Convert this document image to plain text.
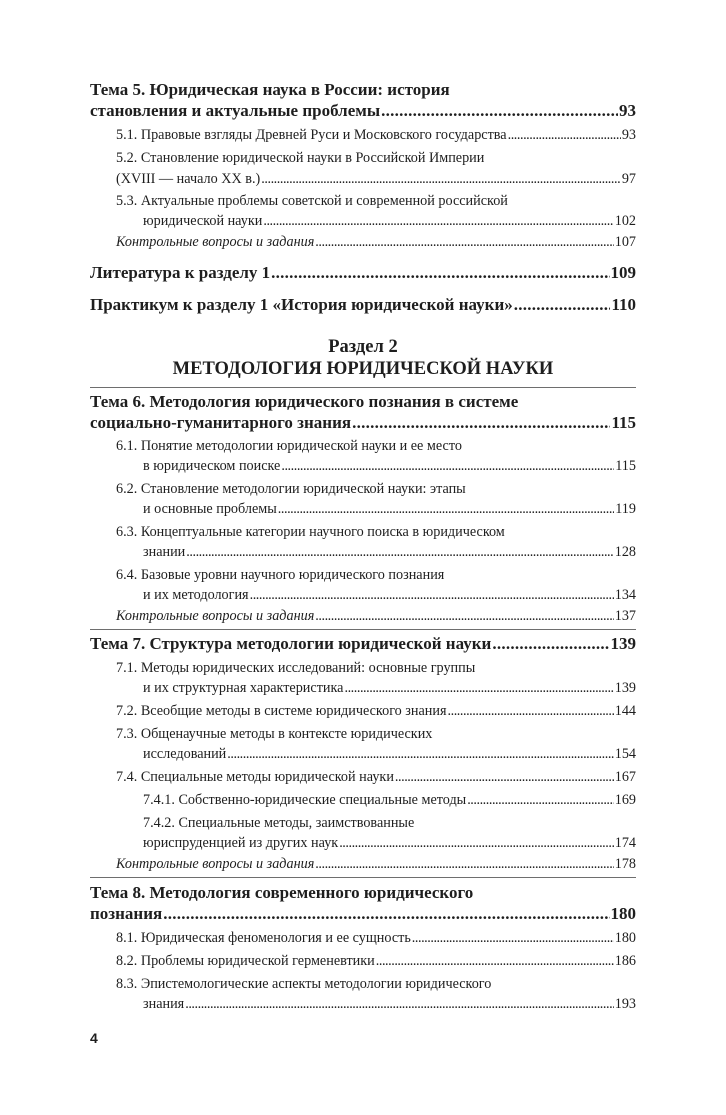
Тема 5. Юридическая наука в России: история
становления и актуальные проблемы . . .	93
5.1. Правовые взгляды Древней Руси и Московского государства . . .	93
5.2. Становление юридической науки в Российской Империи
(XVIII — начало XX в.) . . .	97
5.3. Актуальные проблемы советской и современной российской
юридической науки . . .	102
Контрольные вопросы и задания . . .	107
Литература к разделу 1 . . .	109
Практикум к разделу 1 «История юридической науки» . . .	110
Раздел 2
МЕТОДОЛОГИЯ ЮРИДИЧЕСКОЙ НАУКИ
Тема 6. Методология юридического познания в системе
социально-гуманитарного знания . . .	115
6.1. Понятие методологии юридической науки и ее место
в юридическом поиске . . .	115
6.2. Становление методологии юридической науки: этапы
и основные проблемы . . .	119
6.3. Концептуальные категории научного поиска в юридическом
знании . . .	128
6.4. Базовые уровни научного юридического познания
и их методология . . .	134
Контрольные вопросы и задания . . .	137
Тема 7. Структура методологии юридической науки . . .	139
7.1. Методы юридических исследований: основные группы
и их структурная характеристика . . .	139
7.2. Всеобщие методы в системе юридического знания . . .	144
7.3. Общенаучные методы в контексте юридических
исследований . . .	154
7.4. Специальные методы юридической науки . . .	167
7.4.1. Собственно-юридические специальные методы . . .	169
7.4.2. Специальные методы, заимствованные
юриспруденцией из других наук . . .	174
Контрольные вопросы и задания . . .	178
Тема 8. Методология современного юридического
познания . . .	180
8.1. Юридическая феноменология и ее сущность . . .	180
8.2. Проблемы юридической герменевтики . . .	186
8.3. Эпистемологические аспекты методологии юридического
знания . . .	193
4
